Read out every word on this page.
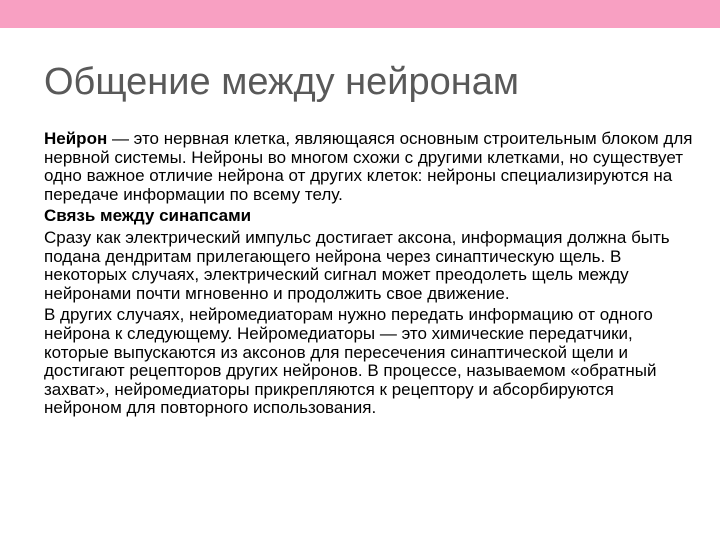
Общение между нейронам

Нейрон — это нервная клетка, являющаяся основным строительным блоком для нервной системы. Нейроны во многом схожи с другими клетками, но существует одно важное отличие нейрона от других клеток: нейроны специализируются на передаче информации по всему телу.

Связь между синапсами

Сразу как электрический импульс достигает аксона, информация должна быть подана дендритам прилегающего нейрона через синаптическую щель. В некоторых случаях, электрический сигнал может преодолеть щель между нейронами почти мгновенно и продолжить свое движение.

В других случаях, нейромедиаторам нужно передать информацию от одного нейрона к следующему. Нейромедиаторы — это химические передатчики, которые выпускаются из аксонов для пересечения синаптической щели и достигают рецепторов других нейронов. В процессе, называемом «обратный захват», нейромедиаторы прикрепляются к рецептору и абсорбируются нейроном для повторного использования.
